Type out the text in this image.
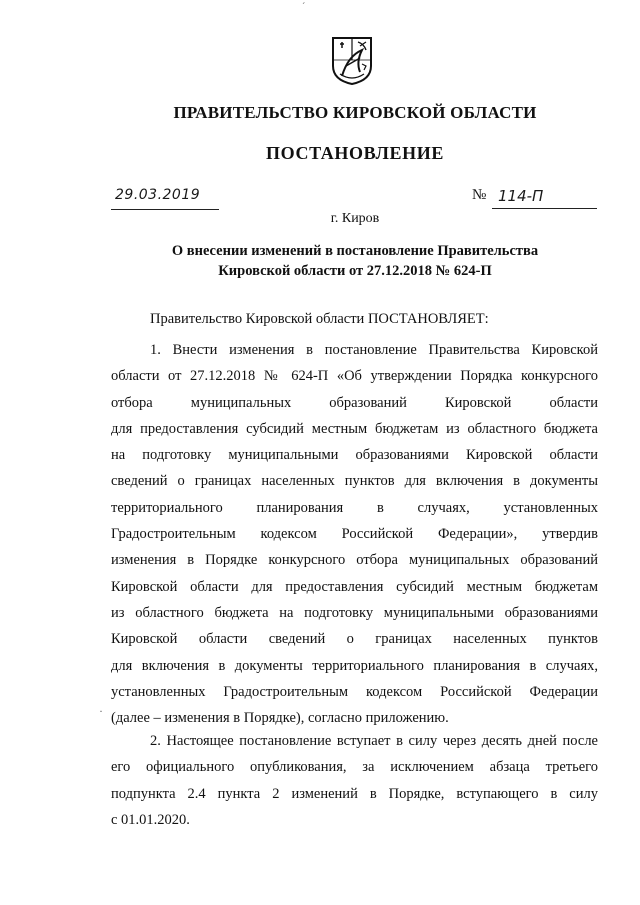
´
ПРАВИТЕЛЬСТВО КИРОВСКОЙ ОБЛАСТИ
ПОСТАНОВЛЕНИЕ
29.03.2019	№ 114-П
г. Киров
О внесении изменений в постановление Правительства
Кировской области от 27.12.2018 № 624-П
Правительство Кировской области ПОСТАНОВЛЯЕТ:
1. Внести изменения в постановление Правительства Кировской
области от 27.12.2018 № 624-П «Об утверждении Порядка конкурсного
отбора муниципальных образований Кировской области
для предоставления субсидий местным бюджетам из областного бюджета
на подготовку муниципальными образованиями Кировской области
сведений о границах населенных пунктов для включения в документы
территориального планирования в случаях, установленных
Градостроительным кодексом Российской Федерации», утвердив
изменения в Порядке конкурсного отбора муниципальных образований
Кировской области для предоставления субсидий местным бюджетам
из областного бюджета на подготовку муниципальными образованиями
Кировской области сведений о границах населенных пунктов
для включения в документы территориального планирования в случаях,
установленных Градостроительным кодексом Российской Федерации
(далее – изменения в Порядке), согласно приложению.
·
2. Настоящее постановление вступает в силу через десять дней после
его официального опубликования, за исключением абзаца третьего
подпункта 2.4 пункта 2 изменений в Порядке, вступающего в силу
с 01.01.2020.
